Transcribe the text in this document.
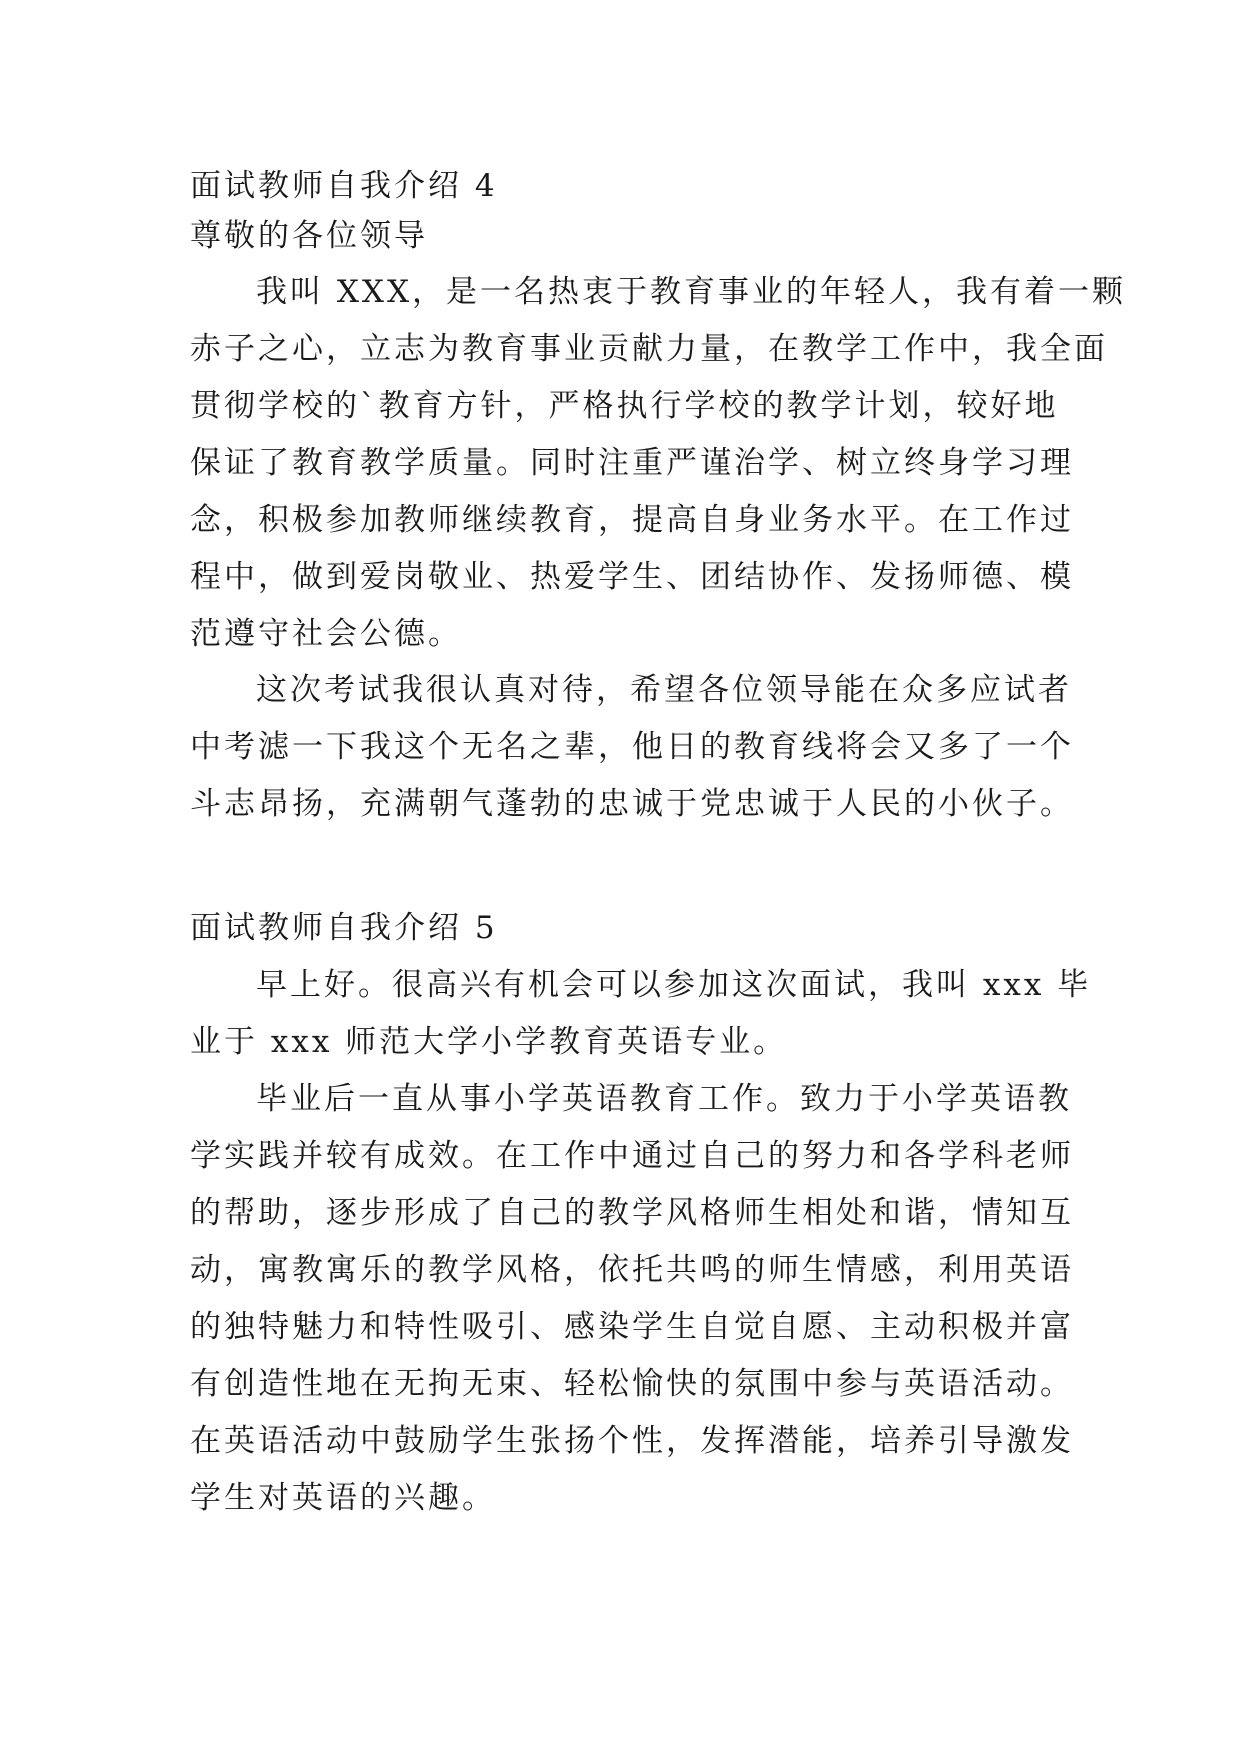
面试教师自我介绍 4
尊敬的各位领导
我叫 XXX，是一名热衷于教育事业的年轻人，我有着一颗
赤子之心，立志为教育事业贡献力量，在教学工作中，我全面
贯彻学校的`教育方针，严格执行学校的教学计划，较好地
保证了教育教学质量。同时注重严谨治学、树立终身学习理
念，积极参加教师继续教育，提高自身业务水平。在工作过
程中，做到爱岗敬业、热爱学生、团结协作、发扬师德、模
范遵守社会公德。
这次考试我很认真对待，希望各位领导能在众多应试者
中考滤一下我这个无名之辈，他日的教育线将会又多了一个
斗志昂扬，充满朝气蓬勃的忠诚于党忠诚于人民的小伙子。
面试教师自我介绍 5
早上好。很高兴有机会可以参加这次面试，我叫 xxx 毕
业于 xxx 师范大学小学教育英语专业。
毕业后一直从事小学英语教育工作。致力于小学英语教
学实践并较有成效。在工作中通过自己的努力和各学科老师
的帮助，逐步形成了自己的教学风格师生相处和谐，情知互
动，寓教寓乐的教学风格，依托共鸣的师生情感，利用英语
的独特魅力和特性吸引、感染学生自觉自愿、主动积极并富
有创造性地在无拘无束、轻松愉快的氛围中参与英语活动。
在英语活动中鼓励学生张扬个性，发挥潜能，培养引导激发
学生对英语的兴趣。
